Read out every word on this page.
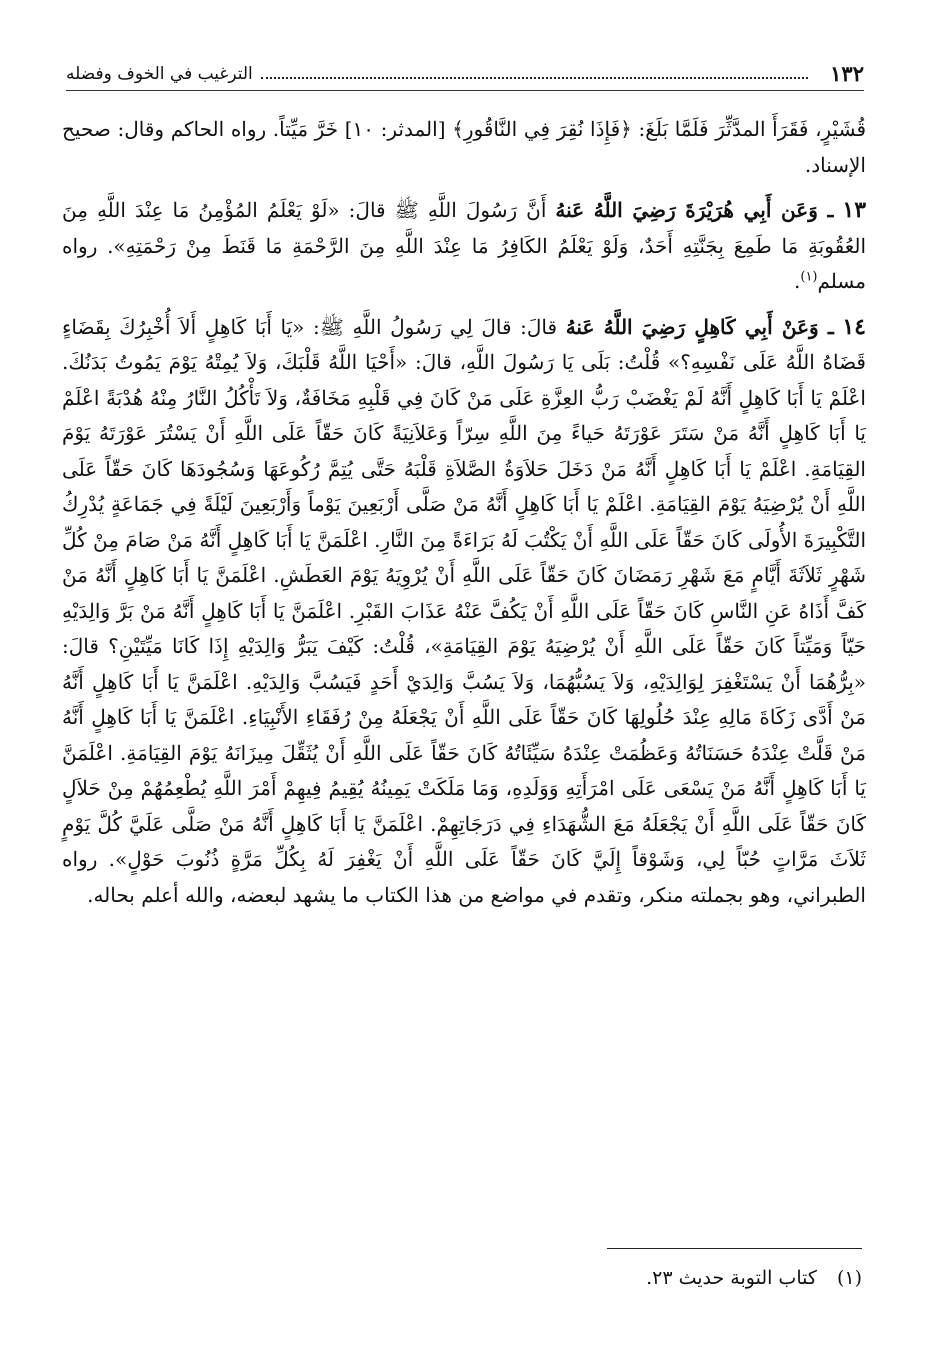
١٣٢
الترغيب في الخوف وفضله

قُشَيْرٍ، فَقَرَأَ المدَّثِّرَ فَلَمَّا بَلَغَ: ﴿فَإِذَا نُقِرَ فِي النَّاقُورِ﴾ [المدثر: ١٠] خَرَّ مَيِّتاً. رواه الحاكم وقال: صحيح الإسناد.

١٣ ـ وَعَن أَبِي هُرَيْرَةَ رَضِيَ اللَّهُ عَنهُ أَنَّ رَسُولَ اللَّهِ ﷺ قالَ: «لَوْ يَعْلَمُ المُؤْمِنُ مَا عِنْدَ اللَّهِ مِنَ العُقُوبَةِ مَا طَمِعَ بِجَنَّتِهِ أَحَدٌ، وَلَوْ يَعْلَمُ الكَافِرُ مَا عِنْدَ اللَّهِ مِنَ الرَّحْمَةِ مَا قَنَطَ مِنْ رَحْمَتِهِ». رواه مسلم$^{(١)}$.

١٤ ـ وَعَنْ أَبِي كَاهِلٍ رَضِيَ اللَّهُ عَنهُ قالَ: قالَ لِي رَسُولُ اللَّهِ ﷺ: «يَا أَبَا كَاهِلٍ أَلاَ أُخْبِرُكَ بِقَضَاءٍ قَضَاهُ اللَّهُ عَلَى نَفْسِهِ؟» قُلْتُ: بَلَى يَا رَسُولَ اللَّهِ، قالَ: «أَحْيَا اللَّهُ قَلْبَكَ، وَلاَ يُمِتْهُ يَوْمَ يَمُوتُ بَدَنُكَ. اعْلَمْ يَا أَبَا كَاهِلٍ أَنَّهُ لَمْ يَغْضَبْ رَبُّ العِزَّةِ عَلَى مَنْ كَانَ فِي قَلْبِهِ مَخَافَةٌ، وَلاَ تَأْكُلُ النَّارُ مِنْهُ هُدْبَةً اعْلَمْ يَا أَبَا كَاهِلٍ أَنَّهُ مَنْ سَتَرَ عَوْرَتَهُ حَياءً مِنَ اللَّهِ سِرّاً وَعَلاَنِيَةً كَانَ حَقّاً عَلَى اللَّهِ أَنْ يَسْتُرَ عَوْرَتَهُ يَوْمَ القِيَامَةِ. اعْلَمْ يَا أَبَا كَاهِلٍ أَنَّهُ مَنْ دَخَلَ حَلاَوَةُ الصَّلاَةِ قَلْبَهُ حَتَّى يُتِمَّ رُكُوعَهَا وَسُجُودَهَا كَانَ حَقّاً عَلَى اللَّهِ أَنْ يُرْضِيَهُ يَوْمَ القِيَامَةِ. اعْلَمْ يَا أَبَا كَاهِلٍ أَنَّهُ مَنْ صَلَّى أَرْبَعِينَ يَوْماً وَأَرْبَعِينَ لَيْلَةً فِي جَمَاعَةٍ يُدْرِكُ التَّكْبِيرَةَ الأُولَى كَانَ حَقّاً عَلَى اللَّهِ أَنْ يَكْتُبَ لَهُ بَرَاءَةً مِنَ النَّارِ. اعْلَمَنَّ يَا أَبَا كَاهِلٍ أَنَّهُ مَنْ صَامَ مِنْ كُلِّ شَهْرٍ ثَلاَثَةَ أَيَّامٍ مَعَ شَهْرِ رَمَضَانَ كَانَ حَقّاً عَلَى اللَّهِ أَنْ يُرْوِيَهُ يَوْمَ العَطَشِ. اعْلَمَنَّ يَا أَبَا كَاهِلٍ أَنَّهُ مَنْ كَفَّ أَذَاهُ عَنِ النَّاسِ كَانَ حَقّاً عَلَى اللَّهِ أَنْ يَكُفَّ عَنْهُ عَذَابَ القَبْرِ. اعْلَمَنَّ يَا أَبَا كَاهِلٍ أَنَّهُ مَنْ بَرَّ وَالِدَيْهِ حَيّاً وَمَيِّتاً كَانَ حَقّاً عَلَى اللَّهِ أَنْ يُرْضِيَهُ يَوْمَ القِيَامَةِ»، قُلْتُ: كَيْفَ يَبَرُّ وَالِدَيْهِ إِذَا كَانَا مَيِّتَيْنِ؟ قالَ: «بِرُّهُمَا أَنْ يَسْتَغْفِرَ لِوَالِدَيْهِ، وَلاَ يَسُبُّهُمَا، وَلاَ يَسُبَّ وَالِدَيْ أَحَدٍ فَيَسُبَّ وَالِدَيْهِ. اعْلَمَنَّ يَا أَبَا كَاهِلٍ أَنَّهُ مَنْ أَدَّى زَكَاةَ مَالِهِ عِنْدَ حُلُولِهَا كَانَ حَقّاً عَلَى اللَّهِ أَنْ يَجْعَلَهُ مِنْ رُفَقَاءِ الأَنْبِيَاءِ. اعْلَمَنَّ يَا أَبَا كَاهِلٍ أَنَّهُ مَنْ قَلَّتْ عِنْدَهُ حَسَنَاتُهُ وَعَظُمَتْ عِنْدَهُ سَيِّئَاتُهُ كَانَ حَقّاً عَلَى اللَّهِ أَنْ يُثَقِّلَ مِيزَانَهُ يَوْمَ القِيَامَةِ. اعْلَمَنَّ يَا أَبَا كَاهِلٍ أَنَّهُ مَنْ يَسْعَى عَلَى امْرَأَتِهِ وَوَلَدِهِ، وَمَا مَلَكَتْ يَمِينُهُ يُقِيمُ فِيهِمْ أَمْرَ اللَّهِ يُطْعِمُهُمْ مِنْ حَلاَلٍ كَانَ حَقّاً عَلَى اللَّهِ أَنْ يَجْعَلَهُ مَعَ الشُّهَدَاءِ فِي دَرَجَاتِهِمْ. اعْلَمَنَّ يَا أَبَا كَاهِلٍ أَنَّهُ مَنْ صَلَّى عَلَيَّ كُلَّ يَوْمٍ ثَلاَثَ مَرَّاتٍ حُبّاً لِي، وَشَوْقاً إِلَيَّ كَانَ حَقّاً عَلَى اللَّهِ أَنْ يَغْفِرَ لَهُ بِكُلِّ مَرَّةٍ ذُنُوبَ حَوْلٍ». رواه الطبراني، وهو بجملته منكر، وتقدم في مواضع من هذا الكتاب ما يشهد لبعضه، والله أعلم بحاله.

(١) كتاب التوبة حديث ٢٣.
